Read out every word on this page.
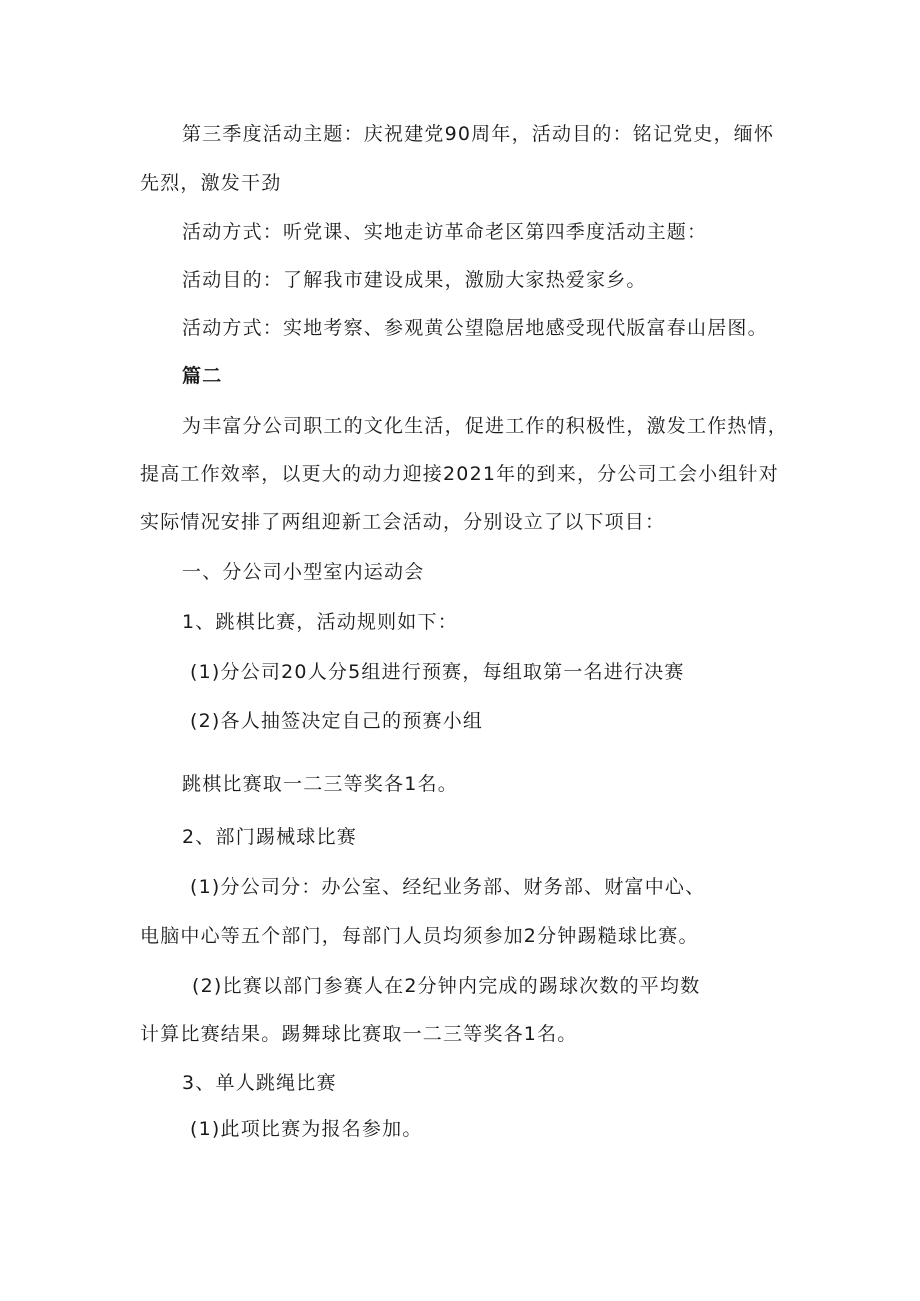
第三季度活动主题：庆祝建党90周年，活动目的：铭记党史，缅怀
先烈，激发干劲
活动方式：听党课、实地走访革命老区第四季度活动主题：
活动目的：了解我市建设成果，激励大家热爱家乡。
活动方式：实地考察、参观黄公望隐居地感受现代版富春山居图。
篇二
为丰富分公司职工的文化生活，促进工作的积极性，激发工作热情，
提高工作效率，以更大的动力迎接2021年的到来，分公司工会小组针对
实际情况安排了两组迎新工会活动，分别设立了以下项目：
一、分公司小型室内运动会
1、跳棋比赛，活动规则如下：
(1)分公司20人分5组进行预赛，每组取第一名进行决赛
(2)各人抽签决定自己的预赛小组
跳棋比赛取一二三等奖各1名。
2、部门踢械球比赛
(1)分公司分：办公室、经纪业务部、财务部、财富中心、
电脑中心等五个部门，每部门人员均须参加2分钟踢糙球比赛。
(2)比赛以部门参赛人在2分钟内完成的踢球次数的平均数
计算比赛结果。踢舞球比赛取一二三等奖各1名。
3、单人跳绳比赛
(1)此项比赛为报名参加。
